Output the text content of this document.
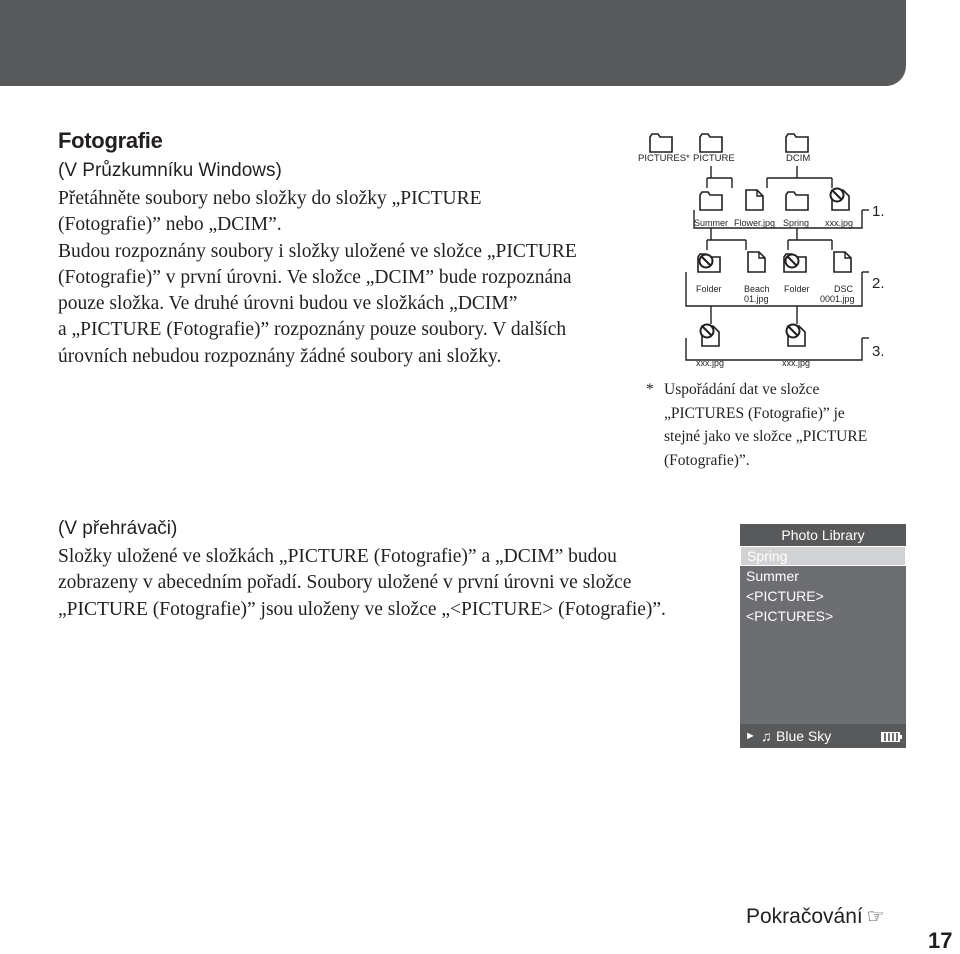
Fotografie
(V Průzkumníku Windows)
Přetáhněte soubory nebo složky do složky „PICTURE
(Fotografie)” nebo „DCIM”.
Budou rozpoznány soubory i složky uložené ve složce „PICTURE
(Fotografie)” v první úrovni. Ve složce „DCIM” bude rozpoznána
pouze složka. Ve druhé úrovni budou ve složkách „DCIM”
a „PICTURE (Fotografie)” rozpoznány pouze soubory. V dalších
úrovních nebudou rozpoznány žádné soubory ani složky.
PICTURES* PICTURE	DCIM
Summer Flower.jpg Spring xxx.jpg
1.
Folder Beach
01.jpg
Folder	DSC
0001.jpg
2.
xxx.jpg	xxx.jpg
3.
* Uspořádání dat ve složce
„PICTURES (Fotografie)” je
stejné jako ve složce „PICTURE
(Fotografie)”.
(V přehrávači)
Složky uložené ve složkách „PICTURE (Fotografie)” a „DCIM” budou
zobrazeny v abecedním pořadí. Soubory uložené v první úrovni ve složce
„PICTURE (Fotografie)” jsou uloženy ve složce „<PICTURE> (Fotografie)”.
Photo Library
Spring
Summer
<PICTURE>
<PICTURES>
► ♫ Blue Sky
Pokračování ☞
17
